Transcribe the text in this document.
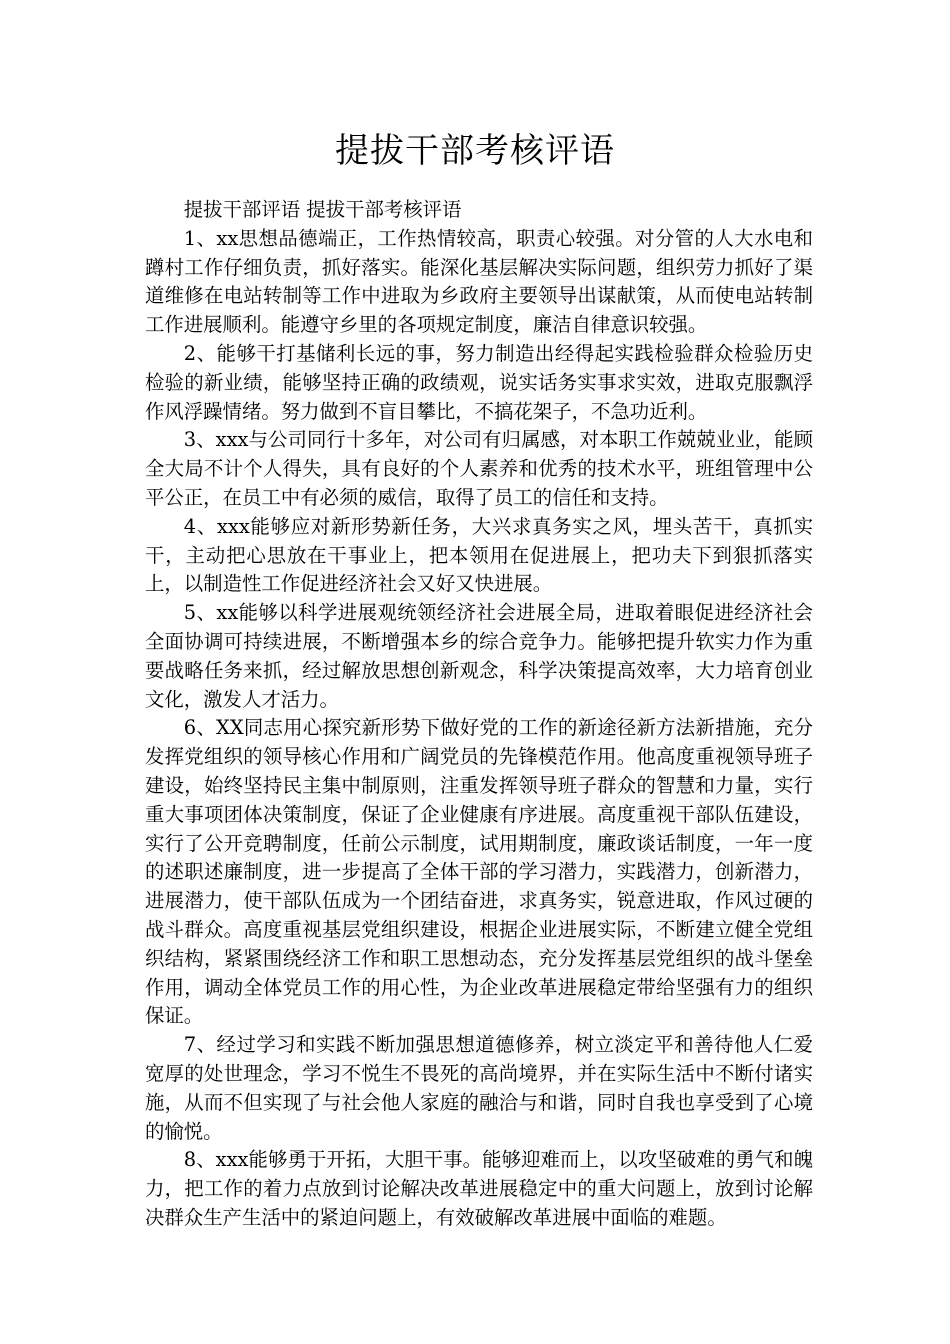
提拔干部考核评语

提拔干部评语 提拔干部考核评语

1、xx思想品德端正，工作热情较高，职责心较强。对分管的人大水电和蹲村工作仔细负责，抓好落实。能深化基层解决实际问题，组织劳力抓好了渠道维修在电站转制等工作中进取为乡政府主要领导出谋献策，从而使电站转制工作进展顺利。能遵守乡里的各项规定制度，廉洁自律意识较强。

2、能够干打基储利长远的事，努力制造出经得起实践检验群众检验历史检验的新业绩，能够坚持正确的政绩观，说实话务实事求实效，进取克服飘浮作风浮躁情绪。努力做到不盲目攀比，不搞花架子，不急功近利。

3、xxx与公司同行十多年，对公司有归属感，对本职工作兢兢业业，能顾全大局不计个人得失，具有良好的个人素养和优秀的技术水平，班组管理中公平公正，在员工中有必须的威信，取得了员工的信任和支持。

4、xxx能够应对新形势新任务，大兴求真务实之风，埋头苦干，真抓实干，主动把心思放在干事业上，把本领用在促进展上，把功夫下到狠抓落实上，以制造性工作促进经济社会又好又快进展。

5、xx能够以科学进展观统领经济社会进展全局，进取着眼促进经济社会全面协调可持续进展，不断增强本乡的综合竞争力。能够把提升软实力作为重要战略任务来抓，经过解放思想创新观念，科学决策提高效率，大力培育创业文化，激发人才活力。

6、XX同志用心探究新形势下做好党的工作的新途径新方法新措施，充分发挥党组织的领导核心作用和广阔党员的先锋模范作用。他高度重视领导班子建设，始终坚持民主集中制原则，注重发挥领导班子群众的智慧和力量，实行重大事项团体决策制度，保证了企业健康有序进展。高度重视干部队伍建设，实行了公开竞聘制度，任前公示制度，试用期制度，廉政谈话制度，一年一度的述职述廉制度，进一步提高了全体干部的学习潜力，实践潜力，创新潜力，进展潜力，使干部队伍成为一个团结奋进，求真务实，锐意进取，作风过硬的战斗群众。高度重视基层党组织建设，根据企业进展实际，不断建立健全党组织结构，紧紧围绕经济工作和职工思想动态，充分发挥基层党组织的战斗堡垒作用，调动全体党员工作的用心性，为企业改革进展稳定带给坚强有力的组织保证。

7、经过学习和实践不断加强思想道德修养，树立淡定平和善待他人仁爱宽厚的处世理念，学习不悦生不畏死的高尚境界，并在实际生活中不断付诸实施，从而不但实现了与社会他人家庭的融洽与和谐，同时自我也享受到了心境的愉悦。

8、xxx能够勇于开拓，大胆干事。能够迎难而上，以攻坚破难的勇气和魄力，把工作的着力点放到讨论解决改革进展稳定中的重大问题上，放到讨论解决群众生产生活中的紧迫问题上，有效破解改革进展中面临的难题。
